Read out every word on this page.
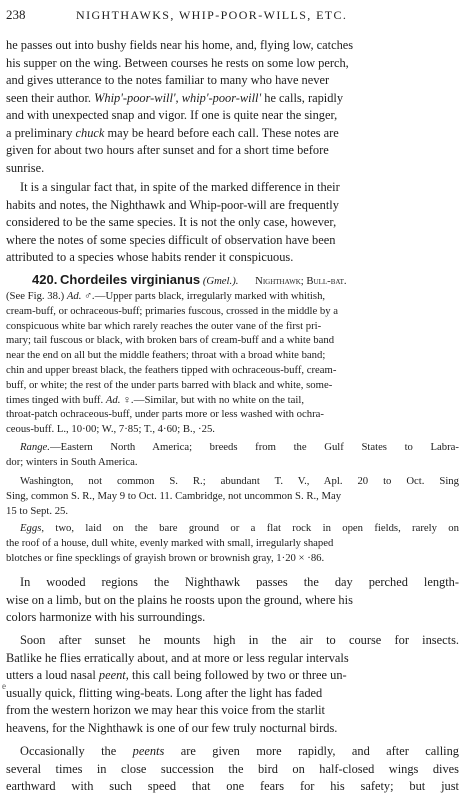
238	NIGHTHAWKS, WHIP-POOR-WILLS, ETC.
he passes out into bushy fields near his home, and, flying low, catches
his supper on the wing. Between courses he rests on some low perch,
and gives utterance to the notes familiar to many who have never
seen their author. Whip'-poor-will', whip'-poor-will' he calls, rapidly
and with unexpected snap and vigor. If one is quite near the singer,
a preliminary chuck may be heard before each call. These notes are
given for about two hours after sunset and for a short time before
sunrise.
It is a singular fact that, in spite of the marked difference in their
habits and notes, the Nighthawk and Whip-poor-will are frequently
considered to be the same species. It is not the only case, however,
where the notes of some species difficult of observation have been
attributed to a species whose habits render it conspicuous.
420. Chordeiles virginianus (Gmel.). Nighthawk; Bull-bat.
(See Fig. 38.) Ad. ♂.—Upper parts black, irregularly marked with whitish,
cream-buff, or ochraceous-buff; primaries fuscous, crossed in the middle by a
conspicuous white bar which rarely reaches the outer vane of the first pri-
mary; tail fuscous or black, with broken bars of cream-buff and a white band
near the end on all but the middle feathers; throat with a broad white band;
chin and upper breast black, the feathers tipped with ochraceous-buff, cream-
buff, or white; the rest of the under parts barred with black and white, some-
times tinged with buff. Ad. ♀.—Similar, but with no white on the tail,
throat-patch ochraceous-buff, under parts more or less washed with ochra-
ceous-buff. L., 10·00; W., 7·85; T., 4·60; B., ·25.
Range.—Eastern North America; breeds from the Gulf States to Labra-
dor; winters in South America.
Washington, not common S. R.; abundant T. V., Apl. 20 to Oct. Sing
Sing, common S. R., May 9 to Oct. 11. Cambridge, not uncommon S. R., May
15 to Sept. 25.
Eggs, two, laid on the bare ground or a flat rock in open fields, rarely on
the roof of a house, dull white, evenly marked with small, irregularly shaped
blotches or fine specklings of grayish brown or brownish gray, 1·20 × ·86.
In wooded regions the Nighthawk passes the day perched length-
wise on a limb, but on the plains he roosts upon the ground, where his
colors harmonize with his surroundings.
Soon after sunset he mounts high in the air to course for insects.
Batlike he flies erratically about, and at more or less regular intervals
utters a loud nasal peent, this call being followed by two or three un-
usually quick, flitting wing-beats. Long after the light has faded
from the western horizon we may hear this voice from the starlit
heavens, for the Nighthawk is one of our few truly nocturnal birds.
Occasionally the peents are given more rapidly, and after calling
several times in close succession the bird on half-closed wings dives
earthward with such speed that one fears for his safety; but just
e
